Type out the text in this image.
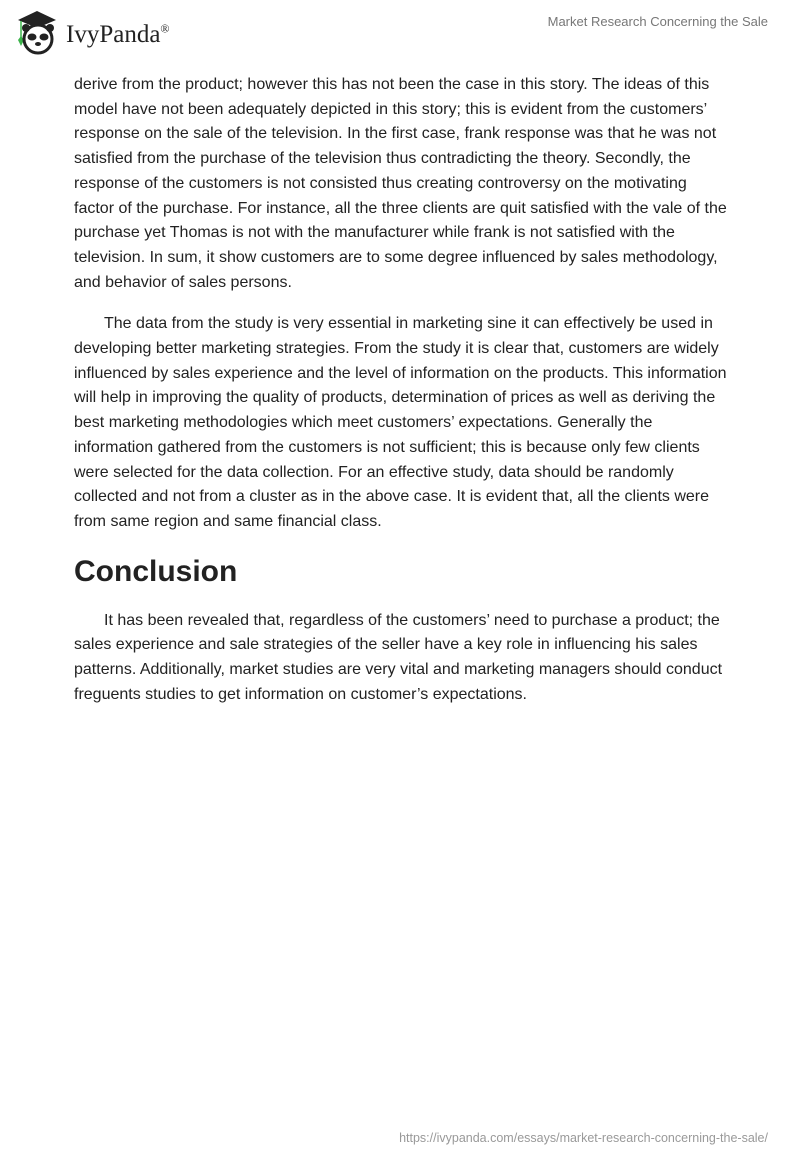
IvyPanda®	Market Research Concerning the Sale

derive from the product; however this has not been the case in this story. The ideas of this model have not been adequately depicted in this story; this is evident from the customers’ response on the sale of the television. In the first case, frank response was that he was not satisfied from the purchase of the television thus contradicting the theory. Secondly, the response of the customers is not consisted thus creating controversy on the motivating factor of the purchase. For instance, all the three clients are quit satisfied with the vale of the purchase yet Thomas is not with the manufacturer while frank is not satisfied with the television. In sum, it show customers are to some degree influenced by sales methodology, and behavior of sales persons.

The data from the study is very essential in marketing sine it can effectively be used in developing better marketing strategies. From the study it is clear that, customers are widely influenced by sales experience and the level of information on the products. This information will help in improving the quality of products, determination of prices as well as deriving the best marketing methodologies which meet customers’ expectations. Generally the information gathered from the customers is not sufficient; this is because only few clients were selected for the data collection. For an effective study, data should be randomly collected and not from a cluster as in the above case. It is evident that, all the clients were from same region and same financial class.

Conclusion

It has been revealed that, regardless of the customers’ need to purchase a product; the sales experience and sale strategies of the seller have a key role in influencing his sales patterns. Additionally, market studies are very vital and marketing managers should conduct freguents studies to get information on customer’s expectations.

https://ivypanda.com/essays/market-research-concerning-the-sale/
